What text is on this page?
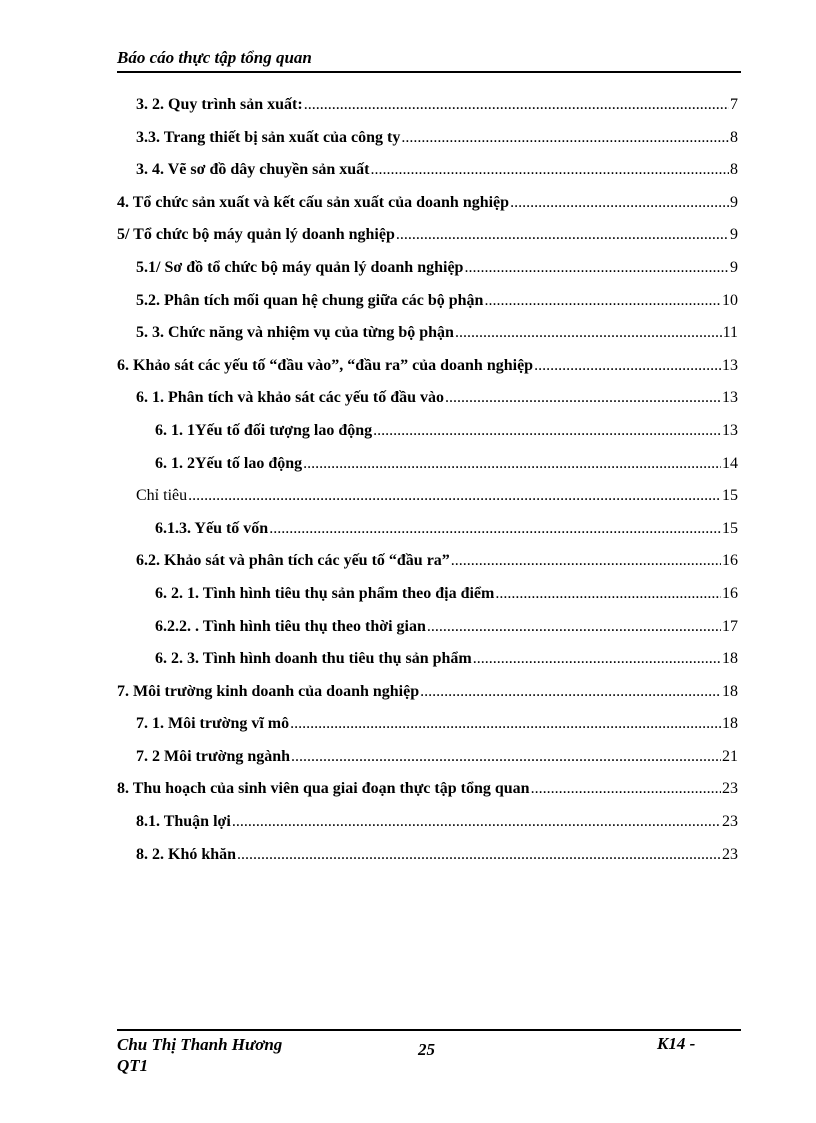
Báo cáo thực tập tổng quan
3. 2. Quy trình sản xuất: .....	7
3.3. Trang thiết bị sản xuất của công ty .....	8
3. 4. Vẽ sơ đồ dây chuyền sản xuất .....	8
4. Tổ chức sản xuất và kết cấu sản xuất của doanh nghiệp .....	9
5/ Tổ chức bộ máy quản lý doanh nghiệp .....	9
5.1/ Sơ đồ tổ chức bộ máy quản lý doanh nghiệp .....	9
5.2. Phân tích mối quan hệ chung giữa các bộ phận .....	10
5. 3. Chức năng và nhiệm vụ của từng bộ phận .....	11
6. Khảo sát các yếu tố “đầu vào”, “đầu ra” của doanh nghiệp .....	13
6. 1. Phân tích và khảo sát các yếu tố đầu vào .....	13
6. 1. 1Yếu tố đối tượng lao động .....	13
6. 1. 2Yếu tố lao động .....	14
Chỉ tiêu .....	15
6.1.3. Yếu tố vốn .....	15
6.2. Khảo sát và phân tích các yếu tố “đầu ra” .....	16
6. 2. 1. Tình hình tiêu thụ sản phẩm theo địa điểm .....	16
6.2.2. . Tình hình tiêu thụ theo thời gian .....	17
6. 2. 3. Tình hình doanh thu tiêu thụ sản phẩm .....	18
7. Môi trường kinh doanh của doanh nghiệp .....	18
7. 1. Môi trường vĩ mô .....	18
7. 2 Môi trường ngành .....	21
8. Thu hoạch của sinh viên qua giai đoạn thực tập tổng quan .....	23
8.1. Thuận lợi .....	23
8. 2. Khó khăn .....	23
Chu Thị Thanh Hương QT1
25	K14 -
